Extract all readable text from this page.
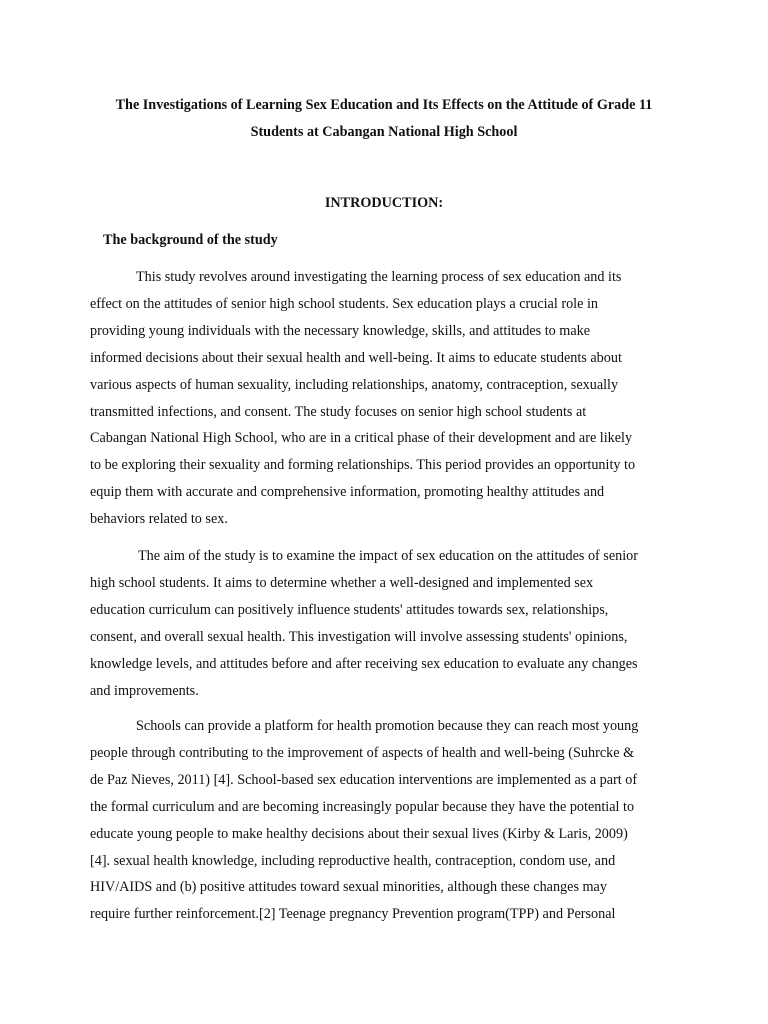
The Investigations of Learning Sex Education and Its Effects on the Attitude of Grade 11
Students at Cabangan National High School
INTRODUCTION:
The background of the study

This study revolves around investigating the learning process of sex education and its
effect on the attitudes of senior high school students. Sex education plays a crucial role in
providing young individuals with the necessary knowledge, skills, and attitudes to make
informed decisions about their sexual health and well-being. It aims to educate students about
various aspects of human sexuality, including relationships, anatomy, contraception, sexually
transmitted infections, and consent. The study focuses on senior high school students at
Cabangan National High School, who are in a critical phase of their development and are likely
to be exploring their sexuality and forming relationships. This period provides an opportunity to
equip them with accurate and comprehensive information, promoting healthy attitudes and
behaviors related to sex.

The aim of the study is to examine the impact of sex education on the attitudes of senior
high school students. It aims to determine whether a well-designed and implemented sex
education curriculum can positively influence students' attitudes towards sex, relationships,
consent, and overall sexual health. This investigation will involve assessing students' opinions,
knowledge levels, and attitudes before and after receiving sex education to evaluate any changes
and improvements.

Schools can provide a platform for health promotion because they can reach most young
people through contributing to the improvement of aspects of health and well-being (Suhrcke &
de Paz Nieves, 2011) [4]. School-based sex education interventions are implemented as a part of
the formal curriculum and are becoming increasingly popular because they have the potential to
educate young people to make healthy decisions about their sexual lives (Kirby & Laris, 2009)
[4]. sexual health knowledge, including reproductive health, contraception, condom use, and
HIV/AIDS and (b) positive attitudes toward sexual minorities, although these changes may
require further reinforcement.[2] Teenage pregnancy Prevention program(TPP) and Personal
